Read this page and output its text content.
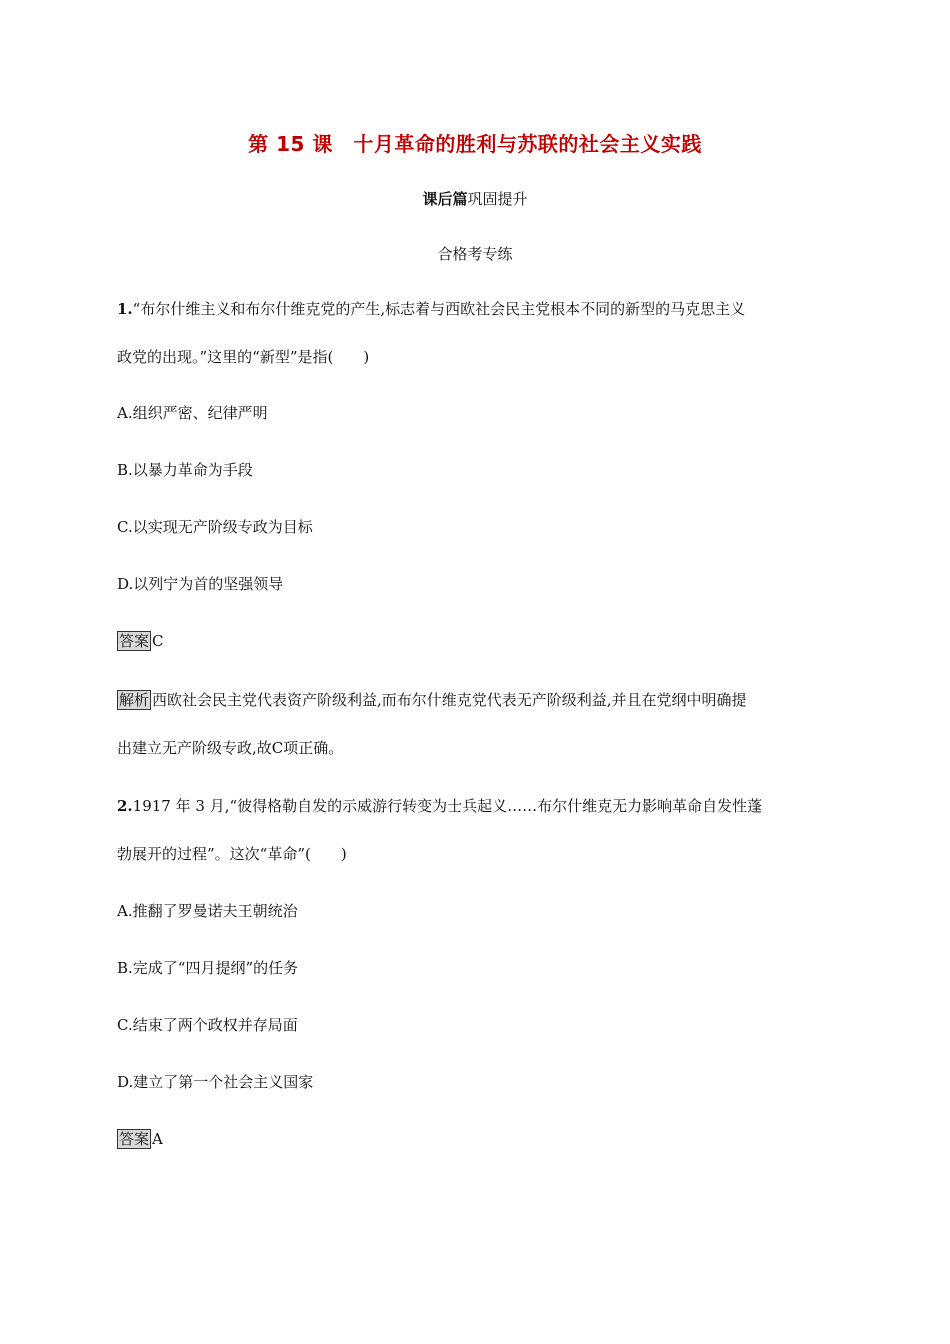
第 15 课　十月革命的胜利与苏联的社会主义实践
课后篇巩固提升
合格考专练
1.“布尔什维主义和布尔什维克党的产生,标志着与西欧社会民主党根本不同的新型的马克思主义
政党的出现。”这里的“新型”是指(　　)
A.组织严密、纪律严明
B.以暴力革命为手段
C.以实现无产阶级专政为目标
D.以列宁为首的坚强领导
答案 C
解析 西欧社会民主党代表资产阶级利益,而布尔什维克党代表无产阶级利益,并且在党纲中明确提
出建立无产阶级专政,故C项正确。
2.1917 年 3 月,“彼得格勒自发的示威游行转变为士兵起义……布尔什维克无力影响革命自发性蓬
勃展开的过程”。这次“革命”(　　)
A.推翻了罗曼诺夫王朝统治
B.完成了“四月提纲”的任务
C.结束了两个政权并存局面
D.建立了第一个社会主义国家
答案 A
